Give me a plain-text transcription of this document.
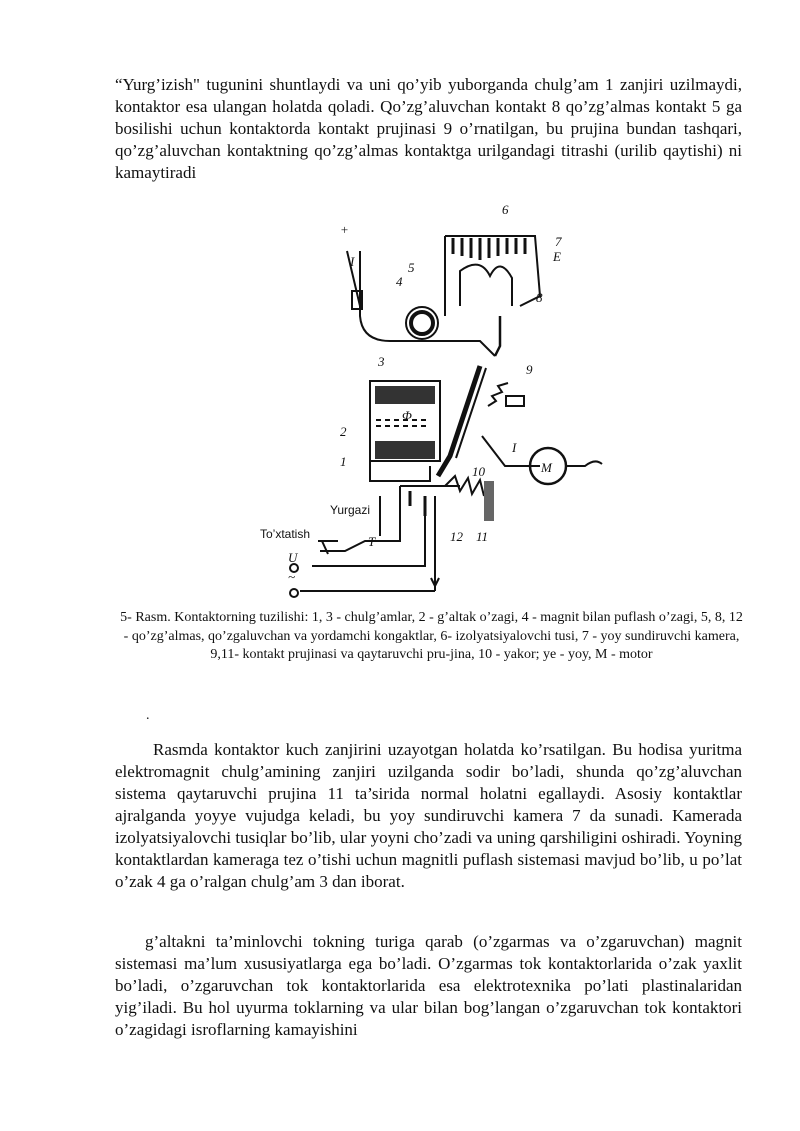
“Yurg’izish" tugunini shuntlaydi va uni qo’yib yuborganda chulg’am 1 zanjiri uzilmaydi, kontaktor esa ulangan holatda qoladi. Qo’zg’aluvchan kontakt 8 qo’zg’almas kontakt 5 ga bosilishi uchun kontaktorda kontakt prujinasi 9 o’rnatilgan, bu prujina bundan tashqari, qo’zg’aluvchan kontaktning qo’zg’almas kontaktga urilgandagi titrashi (urilib qaytishi) ni kamaytiradi

+
I
6
7
E
5
4
8
3
9
Φ
2
I
M
1
10
12 11
Yurgazi
To’xtatish	T
U
~

5- Rasm. Kontaktorning tuzilishi: 1, 3 - chulg’amlar, 2 - g’altak o’zagi, 4 - magnit bilan puflash o’zagi, 5, 8, 12 - qo’zg’almas, qo’zgaluvchan va yordamchi kongaktlar, 6- izolyatsiyalovchi tusi, 7 - yoy sundiruvchi kamera, 9,11- kontakt prujinasi va qaytaruvchi pru-jina, 10 - yakor; ye - yoy, M - motor

.

Rasmda kontaktor kuch zanjirini uzayotgan holatda ko’rsatilgan. Bu hodisa yuritma elektromagnit chulg’amining zanjiri uzilganda sodir bo’ladi, shunda qo’zg’aluvchan sistema qaytaruvchi prujina 11 ta’sirida normal holatni egallaydi. Asosiy kontaktlar ajralganda yoyye vujudga keladi, bu yoy sundiruvchi kamera 7 da sunadi. Kamerada izolyatsiyalovchi tusiqlar bo’lib, ular yoyni cho’zadi va uning qarshiligini oshiradi. Yoyning kontaktlardan kameraga tez o’tishi uchun magnitli puflash sistemasi mavjud bo’lib, u po’lat o’zak 4 ga o’ralgan chulg’am 3 dan iborat.

g’altakni ta’minlovchi tokning turiga qarab (o’zgarmas va o’zgaruvchan) magnit sistemasi ma’lum xususiyatlarga ega bo’ladi. O’zgarmas tok kontaktorlarida o’zak yaxlit bo’ladi, o’zgaruvchan tok kontaktorlarida esa elektrotexnika po’lati plastinalaridan yig’iladi. Bu hol uyurma toklarning va ular bilan bog’langan o’zgaruvchan tok kontaktori o’zagidagi isroflarning kamayishini
